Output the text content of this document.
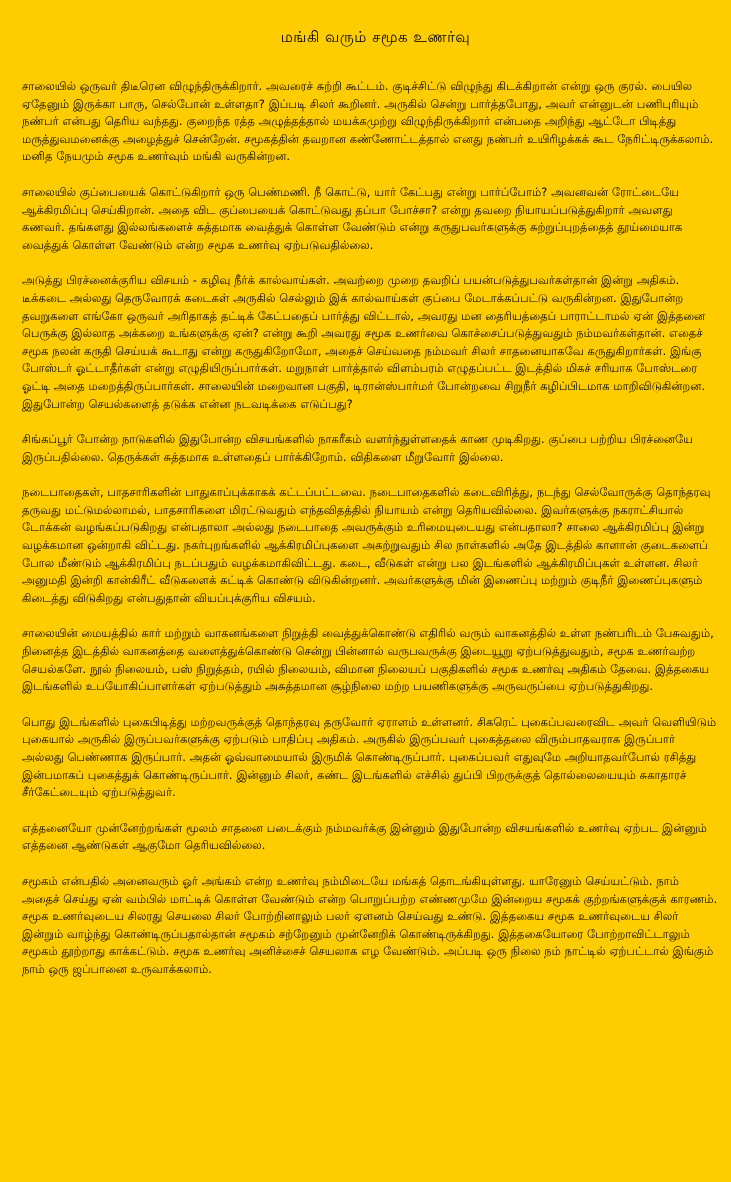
மங்கி வரும் சமூக உணர்வு

சாலையில் ஒருவர் திடீரென விழுந்திருக்கிறார். அவரைச் சுற்றி கூட்டம். குடிச்சிட்டு விழுந்து கிடக்கிறான் என்று ஒரு குரல். பையில ஏதேனும் இருக்கா பாரு, செல்போன் உள்ளதா? இப்படி சிலர் கூறினர். அருகில் சென்று பார்த்தபோது, அவர் என்னுடன் பணிபுரியும் நண்பர் என்பது தெரிய வந்தது. குறைந்த ரத்த அழுத்தத்தால் மயக்கமுற்று விழுந்திருக்கிறார் என்பதை அறிந்து ஆட்டோ பிடித்து மருத்துவமனைக்கு அழைத்துச் சென்றேன். சமூகத்தின் தவறான கண்ணோட்டத்தால் எனது நண்பர் உயிரிழக்கக் கூட நேரிட்டிருக்கலாம். மனித நேயமும் சமூக உணர்வும் மங்கி வருகின்றன.

சாலையில் குப்பையைக் கொட்டுகிறார் ஒரு பெண்மணி. நீ கொட்டு, யார் கேட்பது என்று பார்ப்போம்? அவனவன் ரோட்டையே ஆக்கிரமிப்பு செய்கிறான். அதை விட குப்பையைக் கொட்டுவது தப்பா போச்சா? என்று தவறை நியாயப்படுத்துகிறார் அவளது கணவர். தங்களது இல்லங்களைச் சுத்தமாக வைத்துக் கொள்ள வேண்டும் என்று கருதுபவர்களுக்கு சுற்றுப்புறத்தைத் தூய்மையாக வைத்துக் கொள்ள வேண்டும் என்ற சமூக உணர்வு ஏற்படுவதில்லை.

அடுத்து பிரச்னைக்குரிய விசயம் - கழிவு நீர்க் கால்வாய்கள். அவற்றை முறை தவறிப் பயன்படுத்துபவர்கள்தான் இன்று அதிகம். டீக்கடை அல்லது தெருவோரக் கடைகள் அருகில் செல்லும் இக் கால்வாய்கள் குப்பை மேடாக்கப்பட்டு வருகின்றன. இதுபோன்ற தவறுகளை எங்கோ ஒருவர் அரிதாகத் தட்டிக் கேட்பதைப் பார்த்து விட்டால், அவரது மன தைரியத்தைப் பாராட்டாமல் ஏன் இத்தனை பெருக்கு இல்லாத அக்கறை உங்களுக்கு ஏன்? என்று கூறி அவரது சமூக உணர்வை கொச்சைப்படுத்துவதும் நம்மவர்கள்தான். எதைச் சமூக நலன் கருதி செய்யக் கூடாது என்று கருதுகிறோமோ, அதைச் செய்வதை நம்மவர் சிலர் சாதனையாகவே கருதுகிறார்கள். இங்கு போஸ்டர் ஓட்டாதீர்கள் என்று எழுதியிருப்பார்கள். மறுநாள் பார்த்தால் விளம்பரம் எழுதப்பட்ட இடத்தில் மிகச் சரியாக போஸ்டரை ஓட்டி அதை மறைத்திருப்பார்கள். சாலையின் மறைவான பகுதி, டிரான்ஸ்பார்மர் போன்றவை சிறுநீர் கழிப்பிடமாக மாறிவிடுகின்றன. இதுபோன்ற செயல்களைத் தடுக்க என்ன நடவடிக்கை எடுப்பது?

சிங்கப்பூர் போன்ற நாடுகளில் இதுபோன்ற விசயங்களில் நாகரீகம் வளர்ந்துள்ளதைக் காண முடிகிறது. குப்பை பற்றிய பிரச்னையே இருப்பதில்லை. தெருக்கள் சுத்தமாக உள்ளதைப் பார்க்கிறோம். விதிகளை மீறுவோர் இல்லை.

நடைபாதைகள், பாதசாரிகளின் பாதுகாப்புக்காகக் கட்டப்பட்டவை. நடைபாதைகளில் கடைவிரித்து, நடந்து செல்வோருக்கு தொந்தரவு தருவது மட்டுமல்லாமல், பாதசாரிகளை மிரட்டுவதும் எந்தவிதத்தில் நியாயம் என்று தெரியவில்லை. இவர்களுக்கு நகராட்சியால் டோக்கன் வழங்கப்படுகிறது என்பதாலா அல்லது நடைபாதை அவருக்கும் உரிமையுடையது என்பதாலா? சாலை ஆக்கிரமிப்பு இன்று வழக்கமான ஒன்றாகி விட்டது. நகர்புறங்களில் ஆக்கிரமிப்புகளை அகற்றுவதும் சில நாள்களில் அதே இடத்தில் காளான் குடைகளைப் போல மீண்டும் ஆக்கிரமிப்பு நடப்பதும் வழக்கமாகிவிட்டது. கடை, வீடுகள் என்று பல இடங்களில் ஆக்கிரமிப்புகள் உள்ளன. சிலர் அனுமதி இன்றி கான்கிரீட் வீடுகளைக் கட்டிக் கொண்டு விடுகின்றனர். அவர்களுக்கு மின் இணைப்பு மற்றும் குடிநீர் இணைப்புகளும் கிடைத்து விடுகிறது என்பதுதான் வியப்புக்குரிய விசயம்.

சாலையின் மையத்தில் கார் மற்றும் வாகனங்களை நிறுத்தி வைத்துக்கொண்டு எதிரில் வரும் வாகனத்தில் உள்ள நண்பரிடம் பேசுவதும், நினைத்த இடத்தில் வாகனத்தை வளைத்துக்கொண்டு சென்று பின்னால் வருபவருக்கு இடையூறு ஏற்படுத்துவதும், சமூக உணர்வற்ற செயல்களே. நூல் நிலையம், பஸ் நிறுத்தம், ரயில் நிலையம், விமான நிலையப் பகுதிகளில் சமூக உணர்வு அதிகம் தேவை. இத்தகைய இடங்களில் உபயோகிப்பாளர்கள் ஏற்படுத்தும் அசுத்தமான சூழ்நிலை மற்ற பயணிகளுக்கு அருவருப்பை ஏற்படுத்துகிறது.

பொது இடங்களில் புகைபிடித்து மற்றவருக்குத் தொந்தரவு தருவோர் ஏராளம் உள்ளனர். சிகரெட் புகைப்பவரைவிட அவர் வெளியிடும் புகையால் அருகில் இருப்பவர்களுக்கு ஏற்படும் பாதிப்பு அதிகம். அருகில் இருப்பவர் புகைத்தலை விரும்பாதவராக இருப்பார் அல்லது பெண்ணாக இருப்பார். அதன் ஓவ்வாமையால் இருமிக் கொண்டிருப்பார். புகைப்பவர் எதுவுமே அறியாதவர்போல் ரசித்து இன்பமாகப் புகைத்துக் கொண்டிருப்பார். இன்னும் சிலர், கண்ட இடங்களில் எச்சில் துப்பி பிறருக்குத் தொல்லையையும் சுகாதாரச் சீர்கேட்டையும் ஏற்படுத்துவர்.

எத்தனையோ முன்னேற்றங்கள் மூலம் சாதனை படைக்கும் நம்மவர்க்கு இன்னும் இதுபோன்ற விசயங்களில் உணர்வு ஏற்பட இன்னும் எத்தனை ஆண்டுகள் ஆகுமோ தெரியவில்லை.

சமூகம் என்பதில் அனைவரும் ஓர் அங்கம் என்ற உணர்வு நம்மிடையே மங்கத் தொடங்கியுள்ளது. யாரேனும் செய்யட்டும். நாம் அதைச் செய்து ஏன் வம்பில் மாட்டிக் கொள்ள வேண்டும் என்ற பொறுப்பற்ற எண்ணமுமே இன்றைய சமூகக் குற்றங்களுக்குக் காரணம். சமூக உணர்வுடைய சிலரது செயலை சிலர் போற்றினாலும் பலர் ஏளனம் செய்வது உண்டு. இத்தகைய சமூக உணர்வுடைய சிலர் இன்றும் வாழ்ந்து கொண்டிருப்பதால்தான் சமூகம் சற்றேனும் முன்னேறிக் கொண்டிருக்கிறது. இத்தகையோரை போற்றாவிட்டாலும் சமூகம் தூற்றாது காக்கட்டும். சமூக உணர்வு அனிச்சைச் செயலாக எழ வேண்டும். அப்படி ஒரு நிலை நம் நாட்டில் ஏற்பட்டால் இங்கும் நாம் ஒரு ஜப்பானை உருவாக்கலாம்.
